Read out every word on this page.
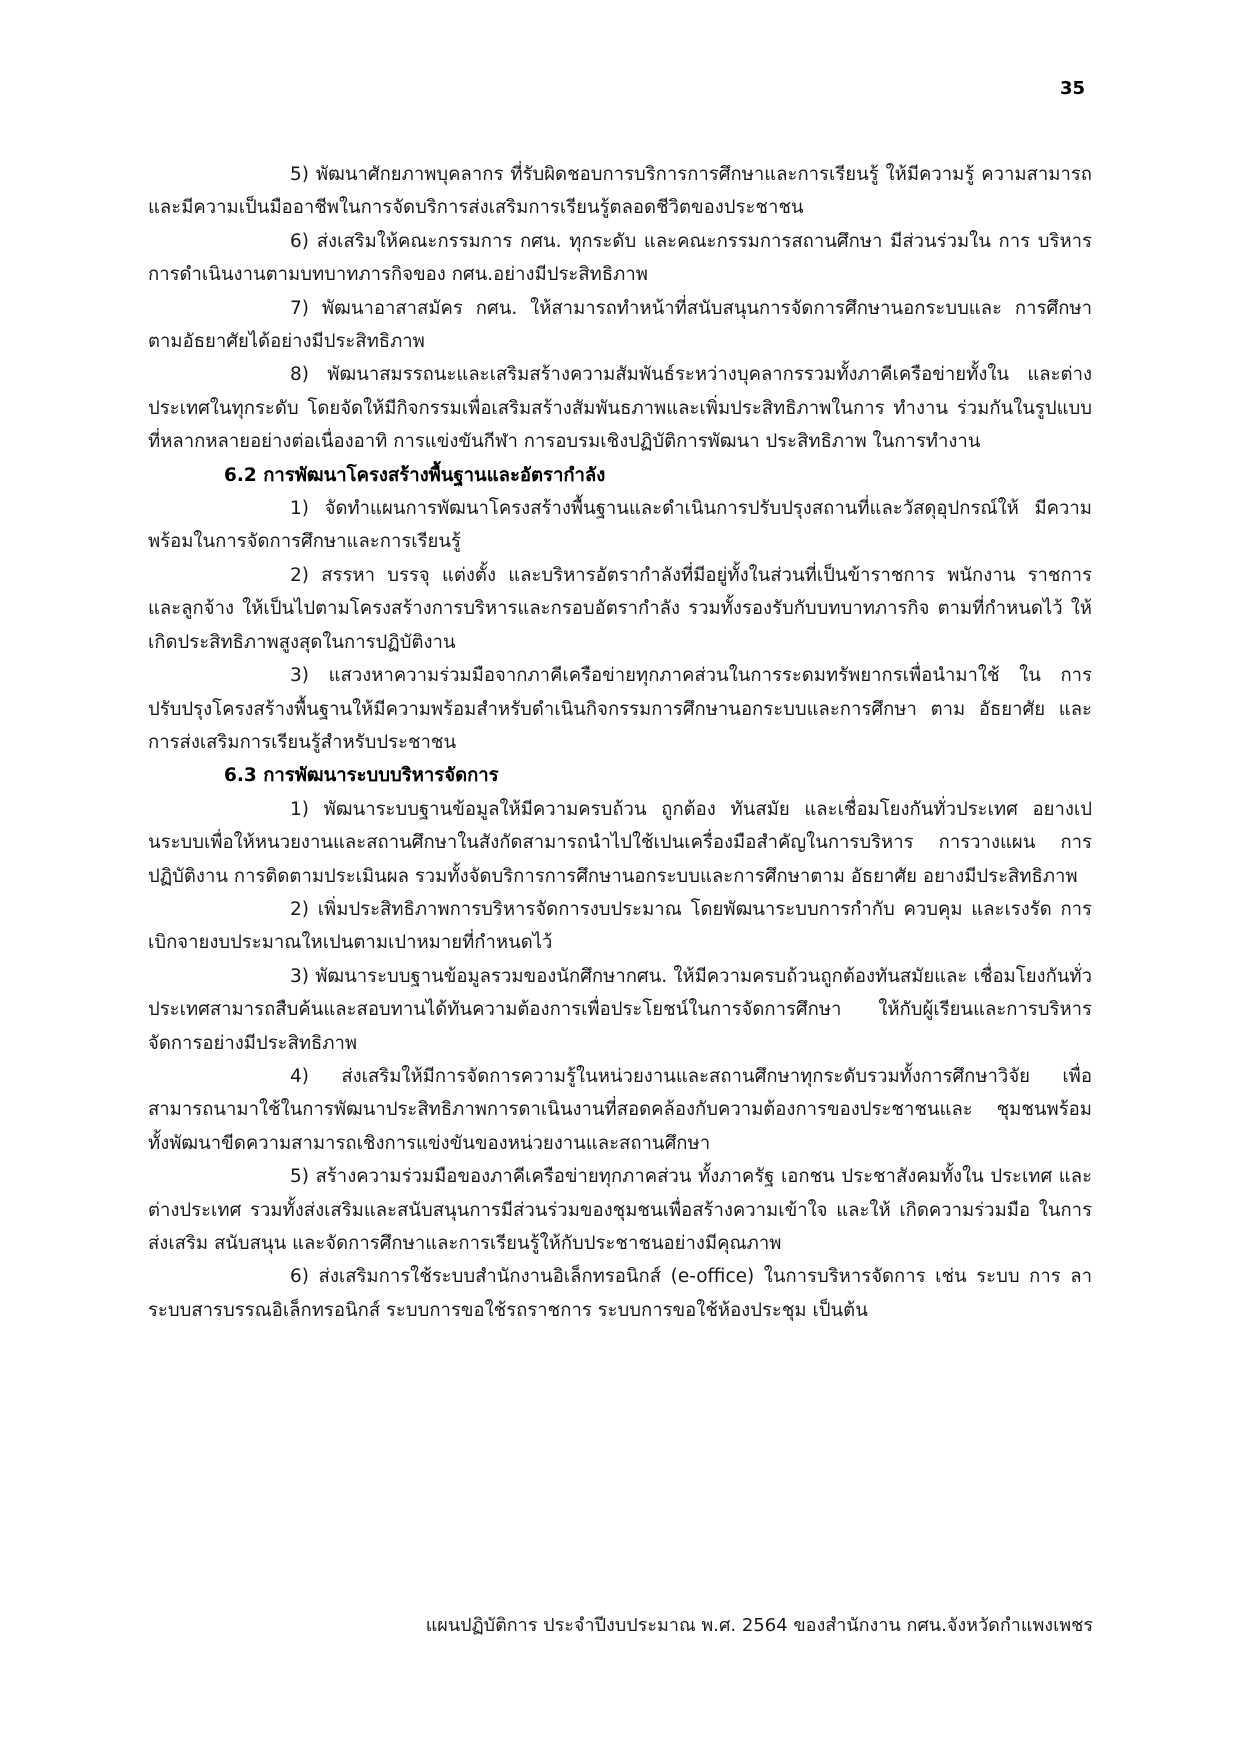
35

5) พัฒนาศักยภาพบุคลากร ที่รับผิดชอบการบริการการศึกษาและการเรียนรู้ ให้มีความรู้ ความสามารถและมีความเป็นมืออาชีพในการจัดบริการส่งเสริมการเรียนรู้ตลอดชีวิตของประชาชน

6) ส่งเสริมให้คณะกรรมการ กศน. ทุกระดับ และคณะกรรมการสถานศึกษา มีส่วนร่วมใน การ บริหารการดำเนินงานตามบทบาทภารกิจของ กศน.อย่างมีประสิทธิภาพ

7) พัฒนาอาสาสมัคร กศน. ให้สามารถทำหน้าที่สนับสนุนการจัดการศึกษานอกระบบและ การศึกษาตามอัธยาศัยได้อย่างมีประสิทธิภาพ

8) พัฒนาสมรรถนะและเสริมสร้างความสัมพันธ์ระหว่างบุคลากรรวมทั้งภาคีเครือข่ายทั้งใน และต่างประเทศในทุกระดับ โดยจัดให้มีกิจกรรมเพื่อเสริมสร้างสัมพันธภาพและเพิ่มประสิทธิภาพในการ ทำงาน ร่วมกันในรูปแบบที่หลากหลายอย่างต่อเนื่องอาทิ การแข่งขันกีฬา การอบรมเชิงปฏิบัติการพัฒนา ประสิทธิภาพ ในการทำงาน

6.2 การพัฒนาโครงสร้างพื้นฐานและอัตรากำลัง

1) จัดทำแผนการพัฒนาโครงสร้างพื้นฐานและดำเนินการปรับปรุงสถานที่และวัสดุอุปกรณ์ให้ มีความพร้อมในการจัดการศึกษาและการเรียนรู้

2) สรรหา บรรจุ แต่งตั้ง และบริหารอัตรากำลังที่มีอยู่ทั้งในส่วนที่เป็นข้าราชการ พนักงาน ราชการ และลูกจ้าง ให้เป็นไปตามโครงสร้างการบริหารและกรอบอัตรากำลัง รวมทั้งรองรับกับบทบาทภารกิจ ตามที่กำหนดไว้ ให้เกิดประสิทธิภาพสูงสุดในการปฏิบัติงาน

3) แสวงหาความร่วมมือจากภาคีเครือข่ายทุกภาคส่วนในการระดมทรัพยากรเพื่อนำมาใช้ ใน การปรับปรุงโครงสร้างพื้นฐานให้มีความพร้อมสำหรับดำเนินกิจกรรมการศึกษานอกระบบและการศึกษา ตาม อัธยาศัย และการส่งเสริมการเรียนรู้สำหรับประชาชน

6.3 การพัฒนาระบบบริหารจัดการ

1) พัฒนาระบบฐานข้อมูลให้มีความครบถ้วน ถูกต้อง ทันสมัย และเชื่อมโยงกันทั่วประเทศ อยางเปนระบบเพื่อให้หนวยงานและสถานศึกษาในสังกัดสามารถนำไปใช้เปนเครื่องมือสำคัญในการบริหาร การวางแผน การปฏิบัติงาน การติดตามประเมินผล รวมทั้งจัดบริการการศึกษานอกระบบและการศึกษาตาม อัธยาศัย อยางมีประสิทธิภาพ

2) เพิ่มประสิทธิภาพการบริหารจัดการงบประมาณ โดยพัฒนาระบบการกำกับ ควบคุม และเรงรัด การเบิกจายงบประมาณใหเปนตามเปาหมายที่กำหนดไว้

3) พัฒนาระบบฐานข้อมูลรวมของนักศึกษากศน. ให้มีความครบถ้วนถูกต้องทันสมัยและ เชื่อมโยงกันทั่วประเทศสามารถสืบค้นและสอบทานได้ทันความต้องการเพื่อประโยชน์ในการจัดการศึกษา ให้กับผู้เรียนและการบริหารจัดการอย่างมีประสิทธิภาพ

4) ส่งเสริมให้มีการจัดการความรู้ในหน่วยงานและสถานศึกษาทุกระดับรวมทั้งการศึกษาวิจัย เพื่อสามารถนามาใช้ในการพัฒนาประสิทธิภาพการดาเนินงานที่สอดคล้องกับความต้องการของประชาชนและ ชุมชนพร้อมทั้งพัฒนาขีดความสามารถเชิงการแข่งขันของหน่วยงานและสถานศึกษา

5) สร้างความร่วมมือของภาคีเครือข่ายทุกภาคส่วน ทั้งภาครัฐ เอกชน ประชาสังคมทั้งใน ประเทศ และต่างประเทศ รวมทั้งส่งเสริมและสนับสนุนการมีส่วนร่วมของชุมชนเพื่อสร้างความเข้าใจ และให้ เกิดความร่วมมือ ในการส่งเสริม สนับสนุน และจัดการศึกษาและการเรียนรู้ให้กับประชาชนอย่างมีคุณภาพ

6) ส่งเสริมการใช้ระบบสำนักงานอิเล็กทรอนิกส์ (e-office) ในการบริหารจัดการ เช่น ระบบ การ ลา ระบบสารบรรณอิเล็กทรอนิกส์ ระบบการขอใช้รถราชการ ระบบการขอใช้ห้องประชุม เป็นต้น

แผนปฏิบัติการ ประจำปีงบประมาณ พ.ศ. 2564 ของสำนักงาน กศน.จังหวัดกำแพงเพชร
